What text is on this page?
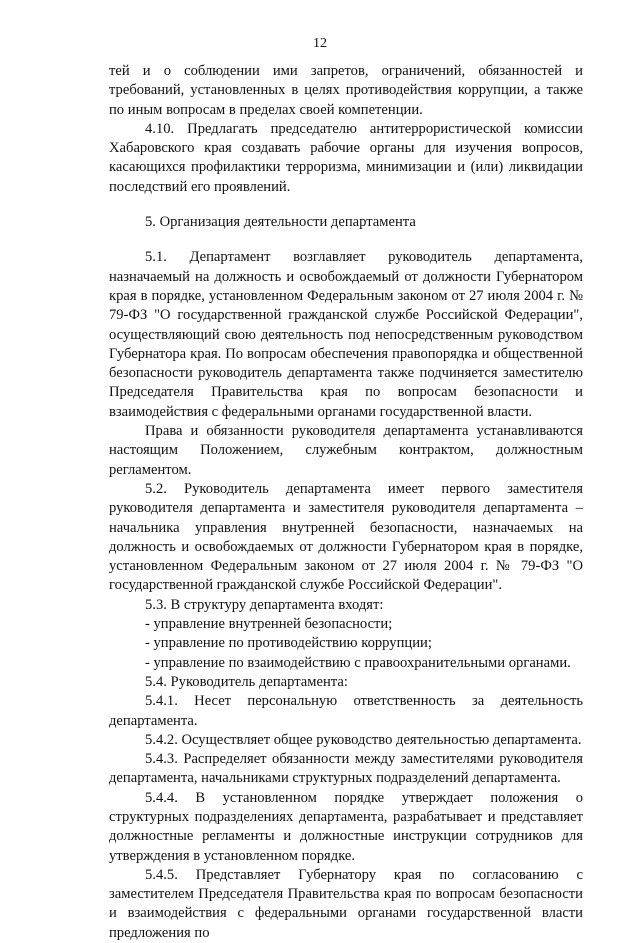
12

тей и о соблюдении ими запретов, ограничений, обязанностей и требований, установленных в целях противодействия коррупции, а также по иным вопросам в пределах своей компетенции.

4.10. Предлагать председателю антитеррористической комиссии Хабаровского края создавать рабочие органы для изучения вопросов, касающихся профилактики терроризма, минимизации и (или) ликвидации последствий его проявлений.

5. Организация деятельности департамента

5.1. Департамент возглавляет руководитель департамента, назначаемый на должность и освобождаемый от должности Губернатором края в порядке, установленном Федеральным законом от 27 июля 2004 г. № 79-ФЗ "О государственной гражданской службе Российской Федерации", осуществляющий свою деятельность под непосредственным руководством Губернатора края. По вопросам обеспечения правопорядка и общественной безопасности руководитель департамента также подчиняется заместителю Председателя Правительства края по вопросам безопасности и взаимодействия с федеральными органами государственной власти.

Права и обязанности руководителя департамента устанавливаются настоящим Положением, служебным контрактом, должностным регламентом.

5.2. Руководитель департамента имеет первого заместителя руководителя департамента и заместителя руководителя департамента – начальника управления внутренней безопасности, назначаемых на должность и освобождаемых от должности Губернатором края в порядке, установленном Федеральным законом от 27 июля 2004 г. № 79-ФЗ "О государственной гражданской службе Российской Федерации".

5.3. В структуру департамента входят:

- управление внутренней безопасности;

- управление по противодействию коррупции;

- управление по взаимодействию с правоохранительными органами.

5.4. Руководитель департамента:

5.4.1. Несет персональную ответственность за деятельность департамента.

5.4.2. Осуществляет общее руководство деятельностью департамента.

5.4.3. Распределяет обязанности между заместителями руководителя департамента, начальниками структурных подразделений департамента.

5.4.4. В установленном порядке утверждает положения о структурных подразделениях департамента, разрабатывает и представляет должностные регламенты и должностные инструкции сотрудников для утверждения в установленном порядке.

5.4.5. Представляет Губернатору края по согласованию с заместителем Председателя Правительства края по вопросам безопасности и взаимодействия с федеральными органами государственной власти предложения по
